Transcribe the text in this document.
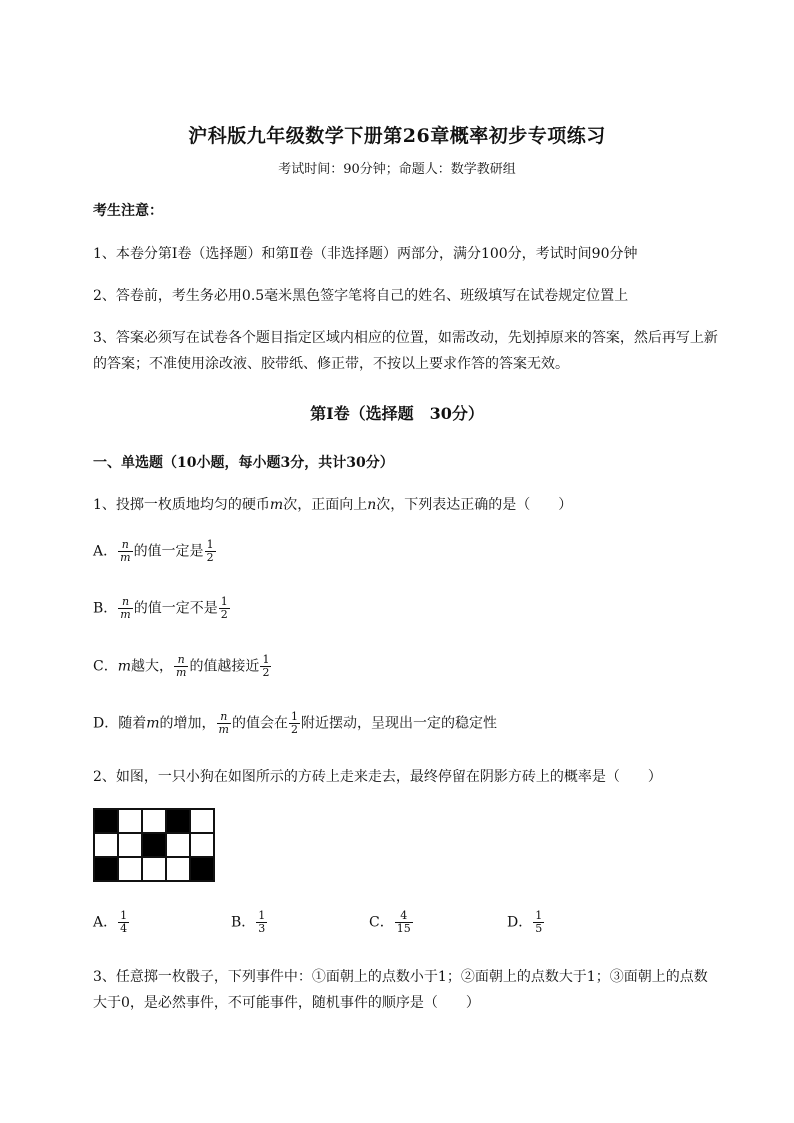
沪科版九年级数学下册第26章概率初步专项练习
考试时间：90分钟；命题人：数学教研组
考生注意：
1、本卷分第I卷（选择题）和第Ⅱ卷（非选择题）两部分，满分100分，考试时间90分钟
2、答卷前，考生务必用0.5毫米黑色签字笔将自己的姓名、班级填写在试卷规定位置上
3、答案必须写在试卷各个题目指定区域内相应的位置，如需改动，先划掉原来的答案，然后再写上新
的答案；不准使用涂改液、胶带纸、修正带，不按以上要求作答的答案无效。
第I卷（选择题　30分）
一、单选题（10小题，每小题3分，共计30分）
1、投掷一枚质地均匀的硬币m次，正面向上n次，下列表达正确的是（　　）
A． $\frac{n}{m}$ 的值一定是 $\frac{1}{2}$
B． $\frac{n}{m}$ 的值一定不是 $\frac{1}{2}$
C．m越大， $\frac{n}{m}$ 的值越接近 $\frac{1}{2}$
D．随着m的增加， $\frac{n}{m}$ 的值会在 $\frac{1}{2}$ 附近摆动，呈现出一定的稳定性
2、如图，一只小狗在如图所示的方砖上走来走去，最终停留在阴影方砖上的概率是（　　）
A． $\frac{1}{4}$	B． $\frac{1}{3}$	C． $\frac{4}{15}$	D． $\frac{1}{5}$
3、任意掷一枚骰子，下列事件中：①面朝上的点数小于1；②面朝上的点数大于1；③面朝上的点数
大于0，是必然事件，不可能事件，随机事件的顺序是（　　）
